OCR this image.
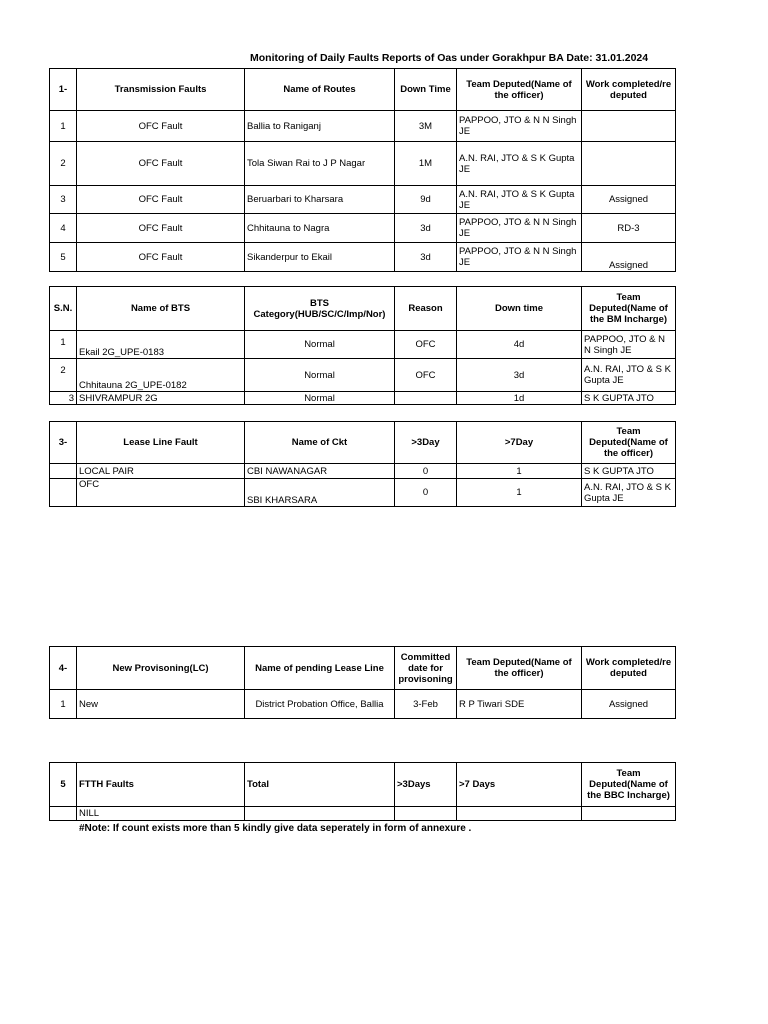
Monitoring of Daily Faults Reports of Oas under Gorakhpur BA Date: 31.01.2024
1-	Transmission Faults	Name of Routes	Down Time	Team Deputed(Name of the officer)	Work completed/re deputed
1	OFC Fault	Ballia to Raniganj	3M	PAPPOO, JTO & N N Singh JE	
2	OFC Fault	Tola Siwan Rai to J P Nagar	1M	A.N. RAI, JTO & S K Gupta JE	
3	OFC Fault	Beruarbari to Kharsara	9d	A.N. RAI, JTO & S K Gupta JE	Assigned
4	OFC Fault	Chhitauna to Nagra	3d	PAPPOO, JTO & N N Singh JE	RD-3
5	OFC Fault	Sikanderpur to Ekail	3d	PAPPOO, JTO & N N Singh JE	Assigned
S.N.	Name of BTS	BTS Category(HUB/SC/C/Imp/Nor)	Reason	Down time	Team Deputed(Name of the BM Incharge)
1	Ekail 2G_UPE-0183	Normal	OFC	4d	PAPPOO, JTO & N N Singh JE
2	Chhitauna 2G_UPE-0182	Normal	OFC	3d	A.N. RAI, JTO & S K Gupta JE
3	SHIVRAMPUR 2G	Normal		1d	S K GUPTA JTO
3-	Lease Line Fault	Name of Ckt	>3Day	>7Day	Team Deputed(Name of the officer)
	LOCAL PAIR	CBI NAWANAGAR	0	1	S K GUPTA JTO
	OFC	SBI KHARSARA	0	1	A.N. RAI, JTO & S K Gupta JE
4-	New Provisoning(LC)	Name of pending Lease Line	Committed date for provisoning	Team Deputed(Name of the officer)	Work completed/re deputed
1	New	District Probation Office, Ballia	3-Feb	R P Tiwari SDE	Assigned
5	FTTH Faults	Total	>3Days	>7 Days	Team Deputed(Name of the BBC Incharge)
	NILL				
#Note: If count exists more than 5 kindly give data seperately in form of annexure .
